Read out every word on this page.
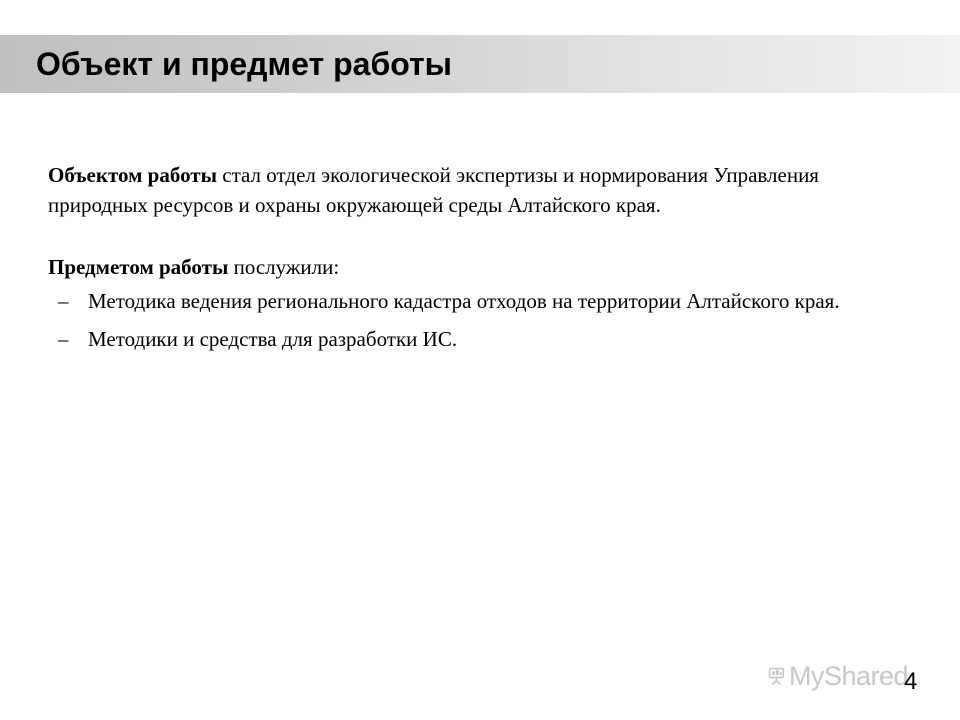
Объект и предмет работы

Объектом работы стал отдел экологической экспертизы и нормирования Управления природных ресурсов и охраны окружающей среды Алтайского края.

Предметом работы послужили:

– Методика ведения регионального кадастра отходов на территории Алтайского края.
– Методики и средства для разработки ИС.
MyShared
4
